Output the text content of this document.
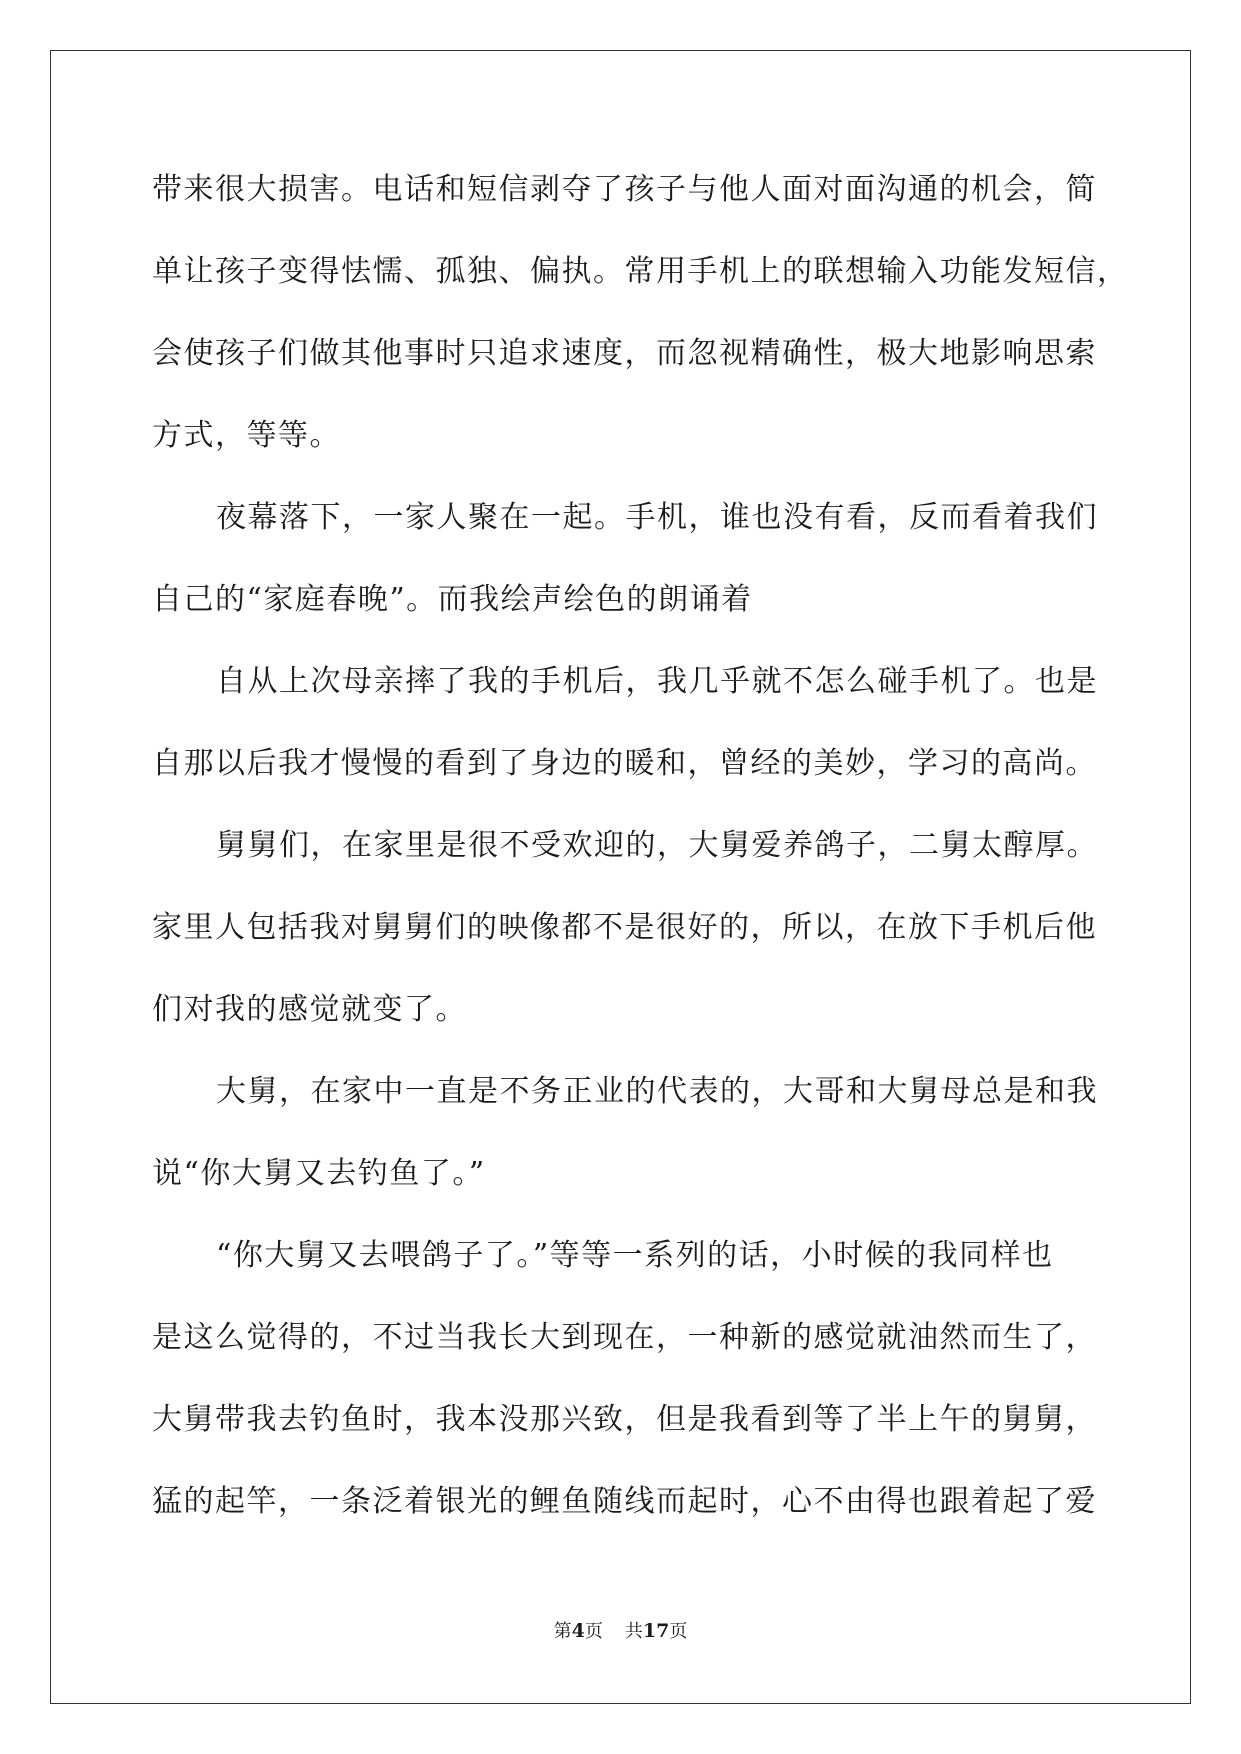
带来很大损害。电话和短信剥夺了孩子与他人面对面沟通的机会，简
单让孩子变得怯懦、孤独、偏执。常用手机上的联想输入功能发短信，
会使孩子们做其他事时只追求速度，而忽视精确性，极大地影响思索
方式，等等。
夜幕落下，一家人聚在一起。手机，谁也没有看，反而看着我们
自己的“家庭春晚”。而我绘声绘色的朗诵着
自从上次母亲摔了我的手机后，我几乎就不怎么碰手机了。也是
自那以后我才慢慢的看到了身边的暖和，曾经的美妙，学习的高尚。
舅舅们，在家里是很不受欢迎的，大舅爱养鸽子，二舅太醇厚。
家里人包括我对舅舅们的映像都不是很好的，所以，在放下手机后他
们对我的感觉就变了。
大舅，在家中一直是不务正业的代表的，大哥和大舅母总是和我
说“你大舅又去钓鱼了。”
“你大舅又去喂鸽子了。”等等一系列的话，小时候的我同样也
是这么觉得的，不过当我长大到现在，一种新的感觉就油然而生了，
大舅带我去钓鱼时，我本没那兴致，但是我看到等了半上午的舅舅，
猛的起竿，一条泛着银光的鲤鱼随线而起时，心不由得也跟着起了爱
第4页 共17页
